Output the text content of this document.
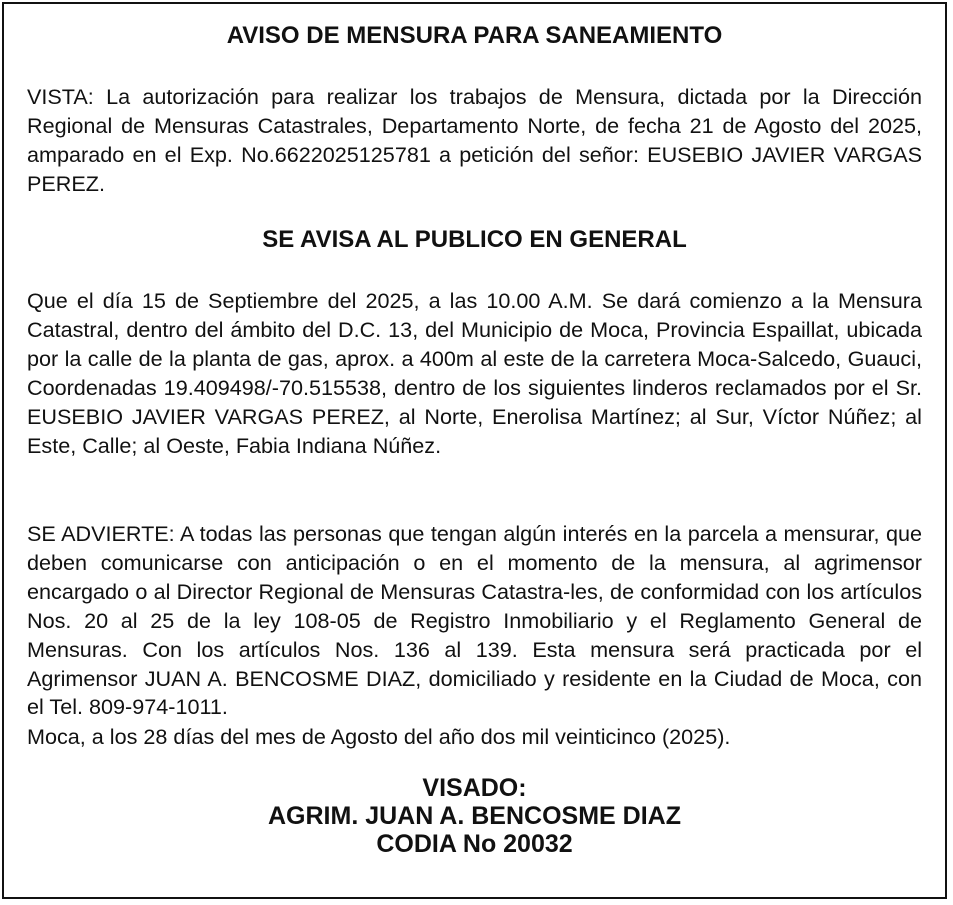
AVISO DE MENSURA PARA SANEAMIENTO

VISTA: La autorización para realizar los trabajos de Mensura, dictada por la Dirección Regional de Mensuras Catastrales, Departamento Norte, de fecha 21 de Agosto del 2025, amparado en el Exp. No.6622025125781 a petición del señor: EUSEBIO JAVIER VARGAS PEREZ.

SE AVISA AL PUBLICO EN GENERAL

Que el día 15 de Septiembre del 2025, a las 10.00 A.M. Se dará comienzo a la Mensura Catastral, dentro del ámbito del D.C. 13, del Municipio de Moca, Provincia Espaillat, ubicada por la calle de la planta de gas, aprox. a 400m al este de la carretera Moca-Salcedo, Guauci, Coordenadas 19.409498/-70.515538, dentro de los siguientes linderos reclamados por el Sr. EUSEBIO JAVIER VARGAS PEREZ, al Norte, Enerolisa Martínez; al Sur, Víctor Núñez; al Este, Calle; al Oeste, Fabia Indiana Núñez.

SE ADVIERTE: A todas las personas que tengan algún interés en la parcela a mensurar, que deben comunicarse con anticipación o en el momento de la mensura, al agrimensor encargado o al Director Regional de Mensuras Catastra-les, de conformidad con los artículos Nos. 20 al 25 de la ley 108-05 de Registro Inmobiliario y el Reglamento General de Mensuras. Con los artículos Nos. 136 al 139. Esta mensura será practicada por el Agrimensor JUAN A. BENCOSME DIAZ, domiciliado y residente en la Ciudad de Moca, con el Tel. 809-974-1011.

Moca, a los 28 días del mes de Agosto del año dos mil veinticinco (2025).

VISADO:
AGRIM. JUAN A. BENCOSME DIAZ
CODIA No 20032
